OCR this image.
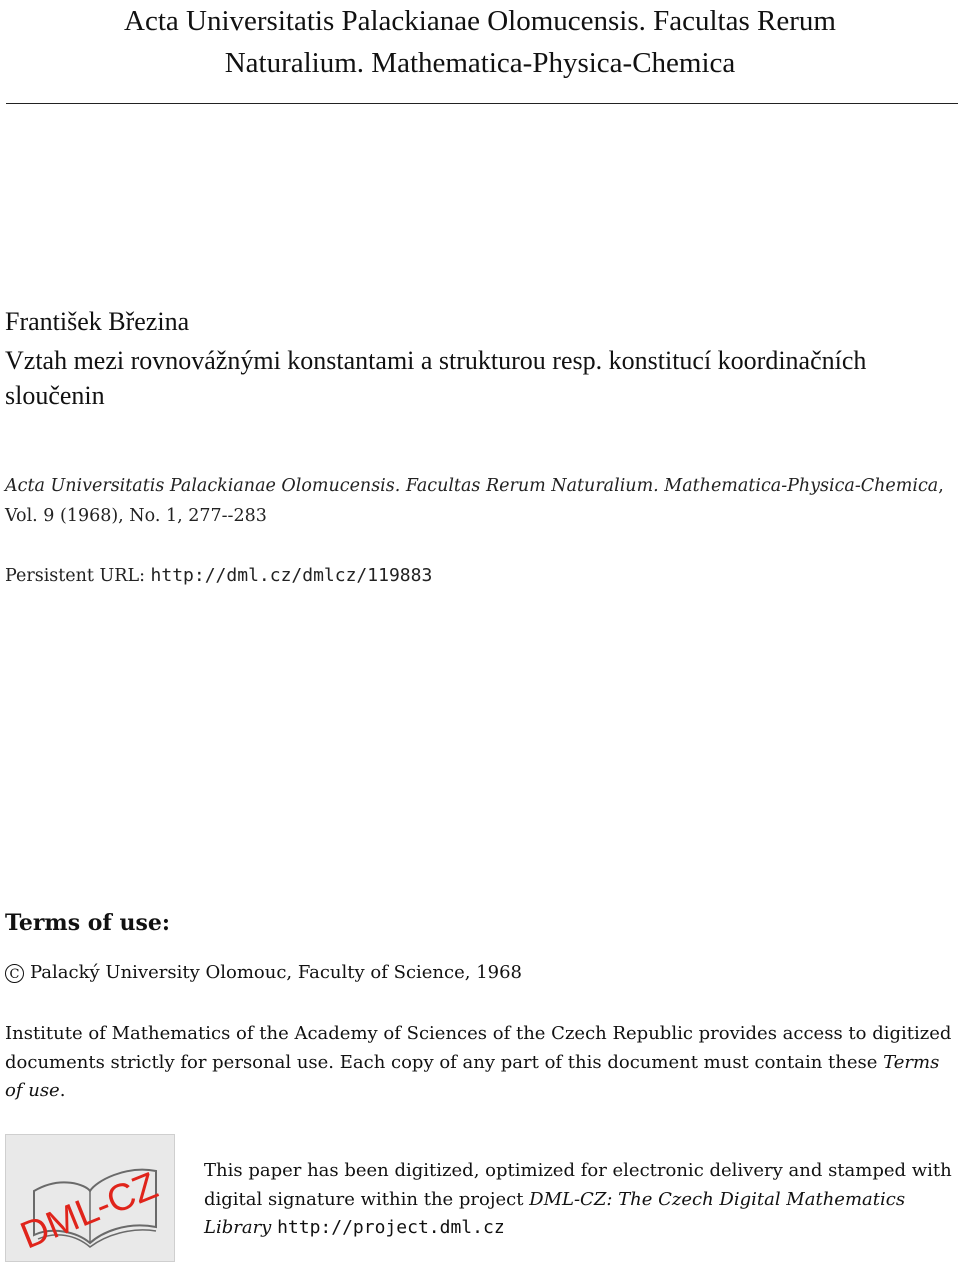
Acta Universitatis Palackianae Olomucensis. Facultas Rerum
Naturalium. Mathematica-Physica-Chemica
František Březina
Vztah mezi rovnovážnými konstantami a strukturou resp. konstitucí koordinačních sloučenin
Acta Universitatis Palackianae Olomucensis. Facultas Rerum Naturalium. Mathematica-Physica-Chemica, Vol. 9 (1968), No. 1, 277--283
Persistent URL: http://dml.cz/dmlcz/119883
Terms of use:
C Palacký University Olomouc, Faculty of Science, 1968
Institute of Mathematics of the Academy of Sciences of the Czech Republic provides access to digitized documents strictly for personal use. Each copy of any part of this document must contain these Terms of use.
DML-CZ This paper has been digitized, optimized for electronic delivery and stamped with digital signature within the project DML-CZ: The Czech Digital Mathematics Library http://project.dml.cz
